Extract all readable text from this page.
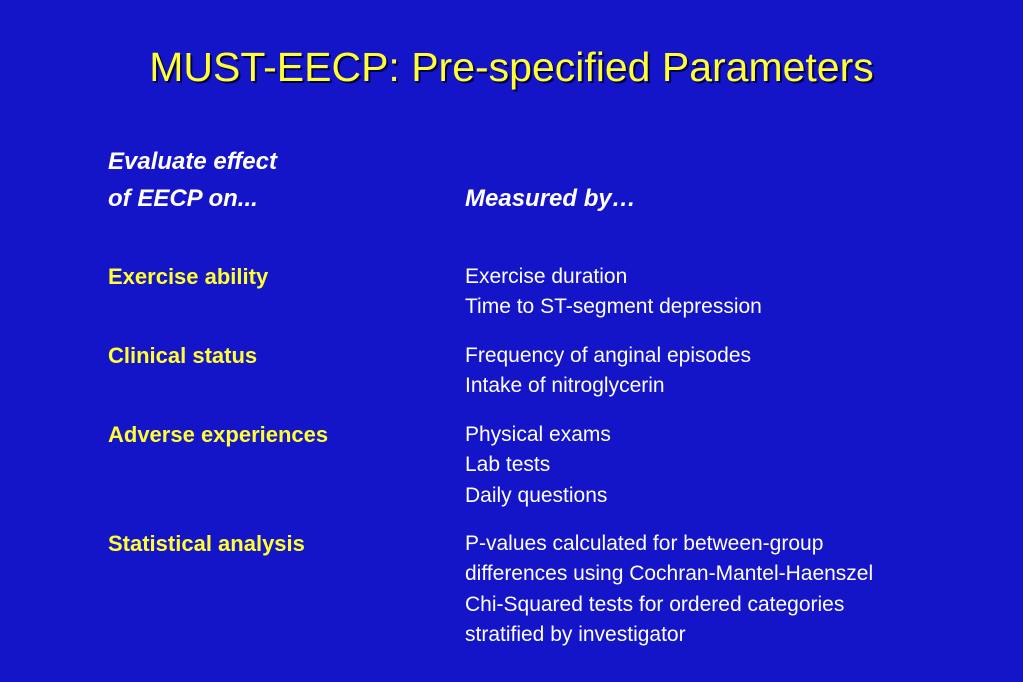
MUST-EECP: Pre-specified Parameters
Evaluate effect
of EECP on...	Measured by…
Exercise ability	Exercise duration
Time to ST-segment depression
Clinical status	Frequency of anginal episodes
Intake of nitroglycerin
Adverse experiences	Physical exams
Lab tests
Daily questions
Statistical analysis	P-values calculated for between-group
differences using Cochran-Mantel-Haenszel
Chi-Squared tests for ordered categories
stratified by investigator
